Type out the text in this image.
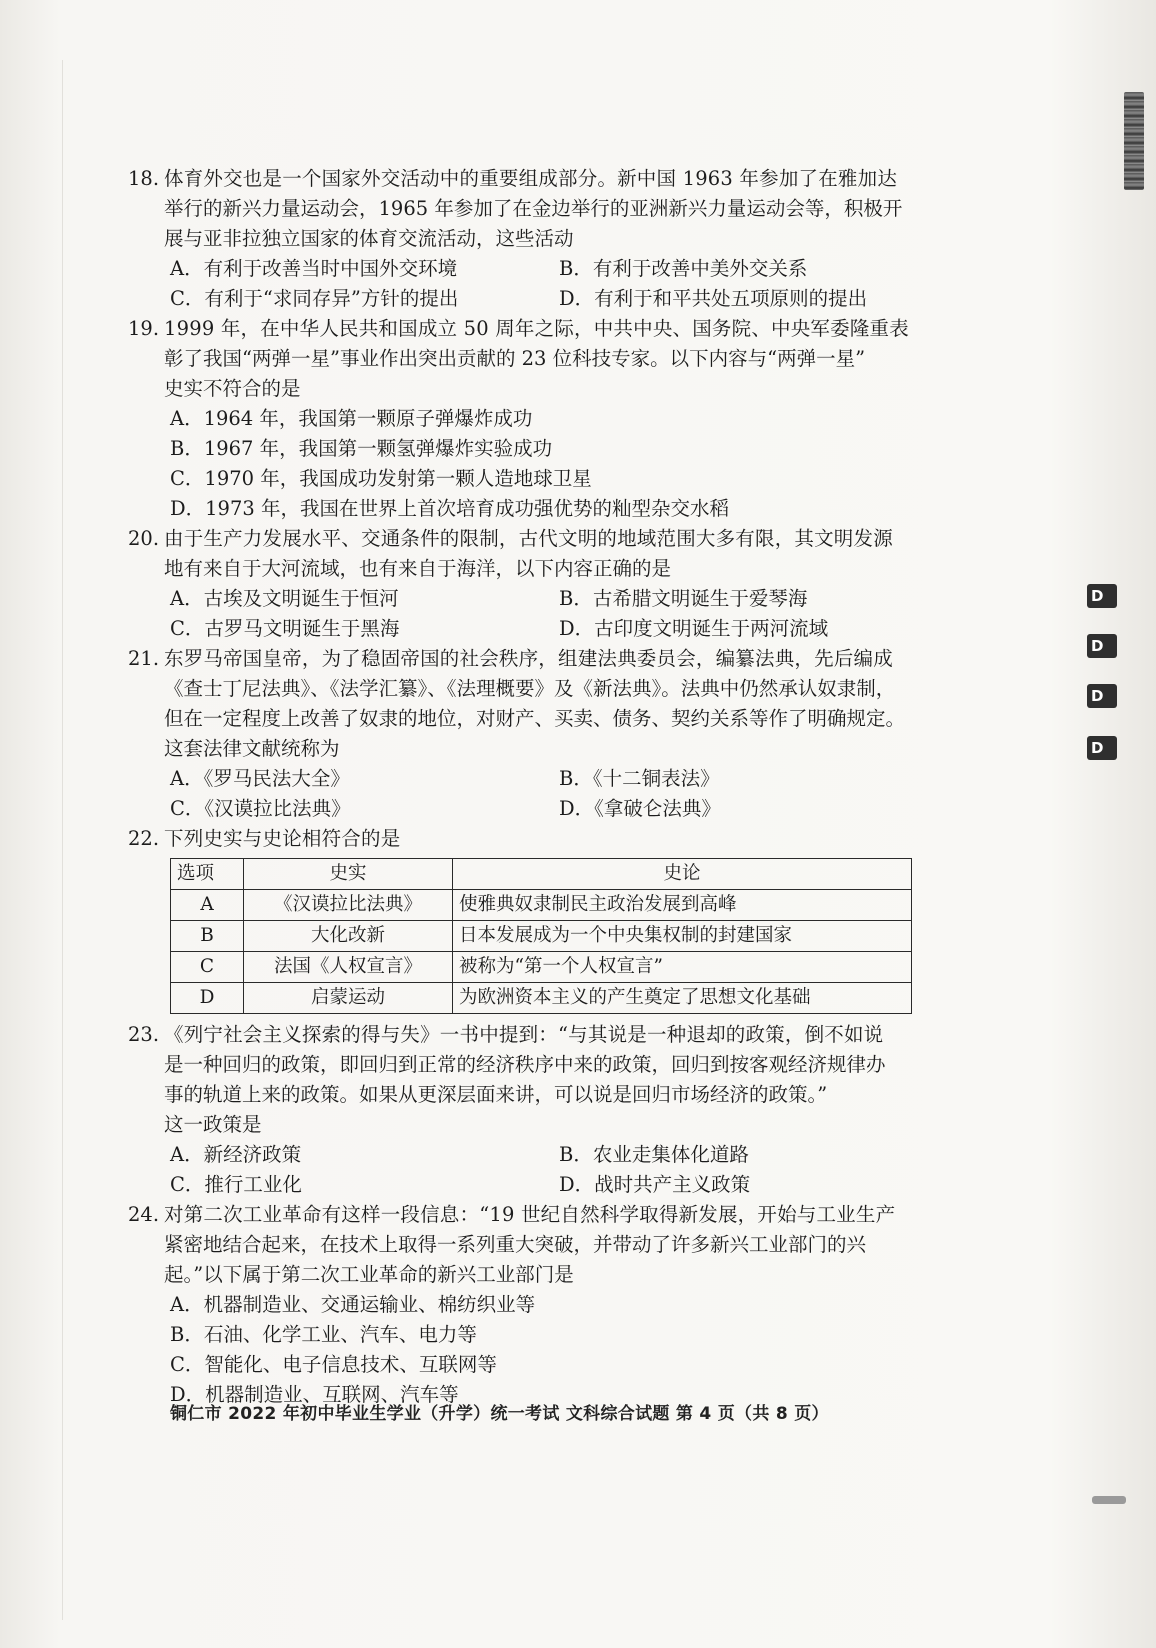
18. 体育外交也是一个国家外交活动中的重要组成部分。新中国 1963 年参加了在雅加达
举行的新兴力量运动会，1965 年参加了在金边举行的亚洲新兴力量运动会等，积极开
展与亚非拉独立国家的体育交流活动，这些活动
A．有利于改善当时中国外交环境	B．有利于改善中美外交关系
C．有利于“求同存异”方针的提出	D．有利于和平共处五项原则的提出
19. 1999 年，在中华人民共和国成立 50 周年之际，中共中央、国务院、中央军委隆重表
彰了我国“两弹一星”事业作出突出贡献的 23 位科技专家。以下内容与“两弹一星”
史实不符合的是
A．1964 年，我国第一颗原子弹爆炸成功
B．1967 年，我国第一颗氢弹爆炸实验成功
C．1970 年，我国成功发射第一颗人造地球卫星
D．1973 年，我国在世界上首次培育成功强优势的籼型杂交水稻
20. 由于生产力发展水平、交通条件的限制，古代文明的地域范围大多有限，其文明发源
地有来自于大河流域，也有来自于海洋，以下内容正确的是
A．古埃及文明诞生于恒河	B．古希腊文明诞生于爱琴海
C．古罗马文明诞生于黑海	D．古印度文明诞生于两河流域
21. 东罗马帝国皇帝，为了稳固帝国的社会秩序，组建法典委员会，编纂法典，先后编成
《查士丁尼法典》、《法学汇纂》、《法理概要》及《新法典》。法典中仍然承认奴隶制，
但在一定程度上改善了奴隶的地位，对财产、买卖、债务、契约关系等作了明确规定。
这套法律文献统称为
A．《罗马民法大全》	B．《十二铜表法》
C．《汉谟拉比法典》	D．《拿破仑法典》
22. 下列史实与史论相符合的是
选项	史实	史论
A	《汉谟拉比法典》	使雅典奴隶制民主政治发展到高峰
B	大化改新	日本发展成为一个中央集权制的封建国家
C	法国《人权宣言》	被称为“第一个人权宣言”
D	启蒙运动	为欧洲资本主义的产生奠定了思想文化基础
23. 《列宁社会主义探索的得与失》一书中提到：“与其说是一种退却的政策，倒不如说
是一种回归的政策，即回归到正常的经济秩序中来的政策，回归到按客观经济规律办
事的轨道上来的政策。如果从更深层面来讲，可以说是回归市场经济的政策。”
这一政策是
A．新经济政策	B．农业走集体化道路
C．推行工业化	D．战时共产主义政策
24. 对第二次工业革命有这样一段信息：“19 世纪自然科学取得新发展，开始与工业生产
紧密地结合起来，在技术上取得一系列重大突破，并带动了许多新兴工业部门的兴
起。”以下属于第二次工业革命的新兴工业部门是
A．机器制造业、交通运输业、棉纺织业等
B．石油、化学工业、汽车、电力等
C．智能化、电子信息技术、互联网等
D．机器制造业、互联网、汽车等
铜仁市 2022 年初中毕业生学业（升学）统一考试 文科综合试题 第 4 页（共 8 页）
D
D
D
D
